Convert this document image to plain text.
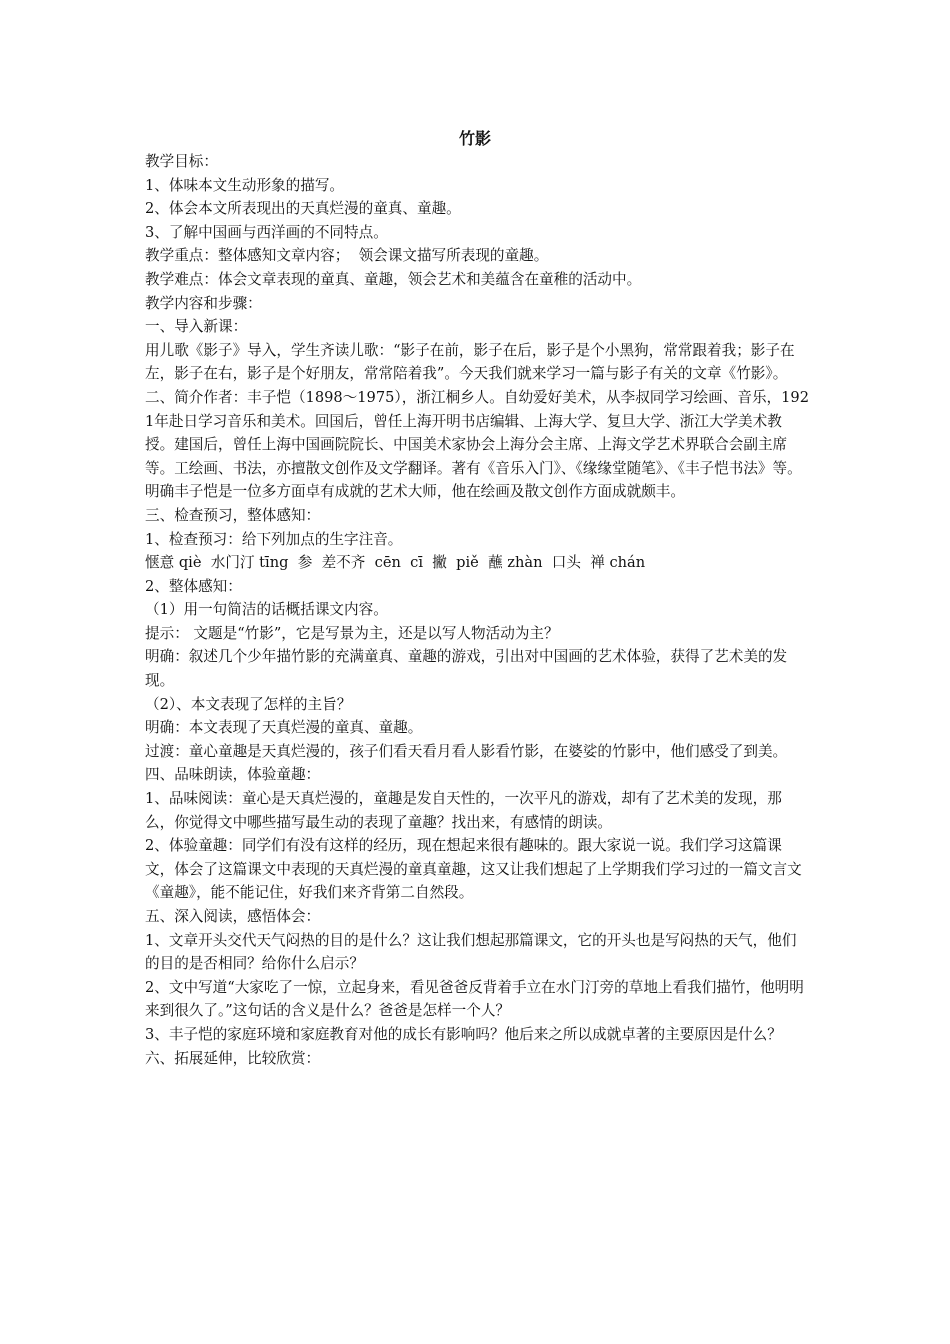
竹影

教学目标：

1、体味本文生动形象的描写。

2、体会本文所表现出的天真烂漫的童真、童趣。

3、了解中国画与西洋画的不同特点。

教学重点：整体感知文章内容；  领会课文描写所表现的童趣。

教学难点：体会文章表现的童真、童趣，领会艺术和美蕴含在童稚的活动中。

教学内容和步骤：

一、导入新课：

用儿歌《影子》导入，学生齐读儿歌：“影子在前，影子在后，影子是个小黑狗，常常跟着我；影子在左，影子在右，影子是个好朋友，常常陪着我”。今天我们就来学习一篇与影子有关的文章《竹影》。

二、简介作者：丰子恺（1898～1975），浙江桐乡人。自幼爱好美术，从李叔同学习绘画、音乐，1921年赴日学习音乐和美术。回国后，曾任上海开明书店编辑、上海大学、复旦大学、浙江大学美术教授。建国后，曾任上海中国画院院长、中国美术家协会上海分会主席、上海文学艺术界联合会副主席等。工绘画、书法，亦擅散文创作及文学翻译。著有《音乐入门》、《缘缘堂随笔》、《丰子恺书法》等。 明确丰子恺是一位多方面卓有成就的艺术大师，他在绘画及散文创作方面成就颇丰。

三、检查预习，整体感知：

1、检查预习：给下列加点的生字注音。

惬意 qiè  水门汀 tīng  参  差不齐  cēn  cī  撇  piě  蘸 zhàn  口头  禅 chán

2、整体感知：

（1）用一句简洁的话概括课文内容。

提示： 文题是“竹影”，它是写景为主，还是以写人物活动为主？

明确：叙述几个少年描竹影的充满童真、童趣的游戏，引出对中国画的艺术体验，获得了艺术美的发现。

（2）、本文表现了怎样的主旨？

明确：本文表现了天真烂漫的童真、童趣。

过渡：童心童趣是天真烂漫的，孩子们看天看月看人影看竹影，在婆娑的竹影中，他们感受了到美。

四、品味朗读，体验童趣：

1、品味阅读：童心是天真烂漫的，童趣是发自天性的，一次平凡的游戏，却有了艺术美的发现，那么，你觉得文中哪些描写最生动的表现了童趣？找出来，有感情的朗读。

2、体验童趣：同学们有没有这样的经历，现在想起来很有趣味的。跟大家说一说。我们学习这篇课文，体会了这篇课文中表现的天真烂漫的童真童趣，这又让我们想起了上学期我们学习过的一篇文言文《童趣》，能不能记住，好我们来齐背第二自然段。

五、深入阅读，感悟体会：

1、文章开头交代天气闷热的目的是什么？这让我们想起那篇课文，它的开头也是写闷热的天气，他们的目的是否相同？给你什么启示？

2、文中写道“大家吃了一惊，立起身来，看见爸爸反背着手立在水门汀旁的草地上看我们描竹，他明明来到很久了。”这句话的含义是什么？爸爸是怎样一个人？

3、丰子恺的家庭环境和家庭教育对他的成长有影响吗？他后来之所以成就卓著的主要原因是什么？

六、拓展延伸，比较欣赏：
